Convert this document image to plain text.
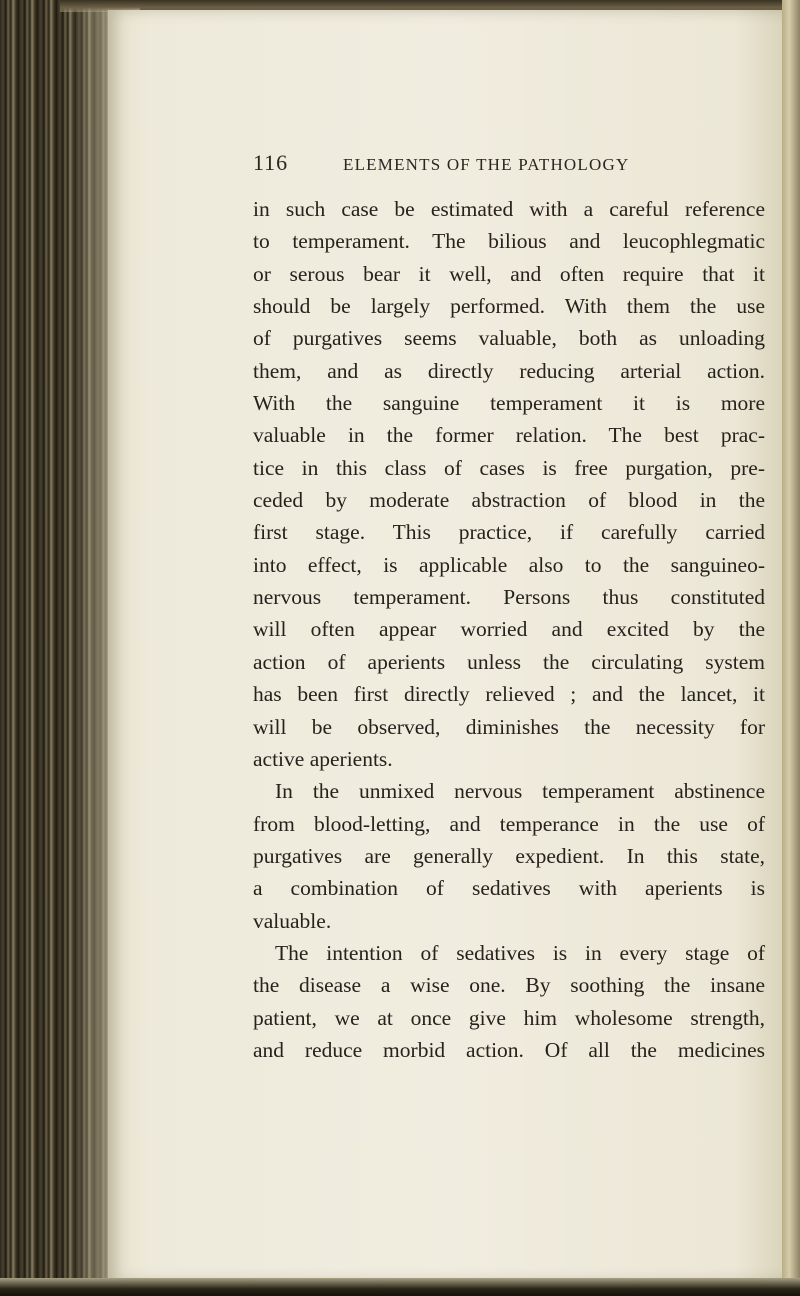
116	ELEMENTS OF THE PATHOLOGY
in such case be estimated with a careful reference
to temperament. The bilious and leucophlegmatic
or serous bear it well, and often require that it
should be largely performed. With them the use
of purgatives seems valuable, both as unloading
them, and as directly reducing arterial action.
With the sanguine temperament it is more
valuable in the former relation. The best prac-
tice in this class of cases is free purgation, pre-
ceded by moderate abstraction of blood in the
first stage. This practice, if carefully carried
into effect, is applicable also to the sanguineo-
nervous temperament. Persons thus constituted
will often appear worried and excited by the
action of aperients unless the circulating system
has been first directly relieved ; and the lancet, it
will be observed, diminishes the necessity for
active aperients.
In the unmixed nervous temperament abstinence
from blood-letting, and temperance in the use of
purgatives are generally expedient. In this state,
a combination of sedatives with aperients is
valuable.
The intention of sedatives is in every stage of
the disease a wise one. By soothing the insane
patient, we at once give him wholesome strength,
and reduce morbid action. Of all the medicines
